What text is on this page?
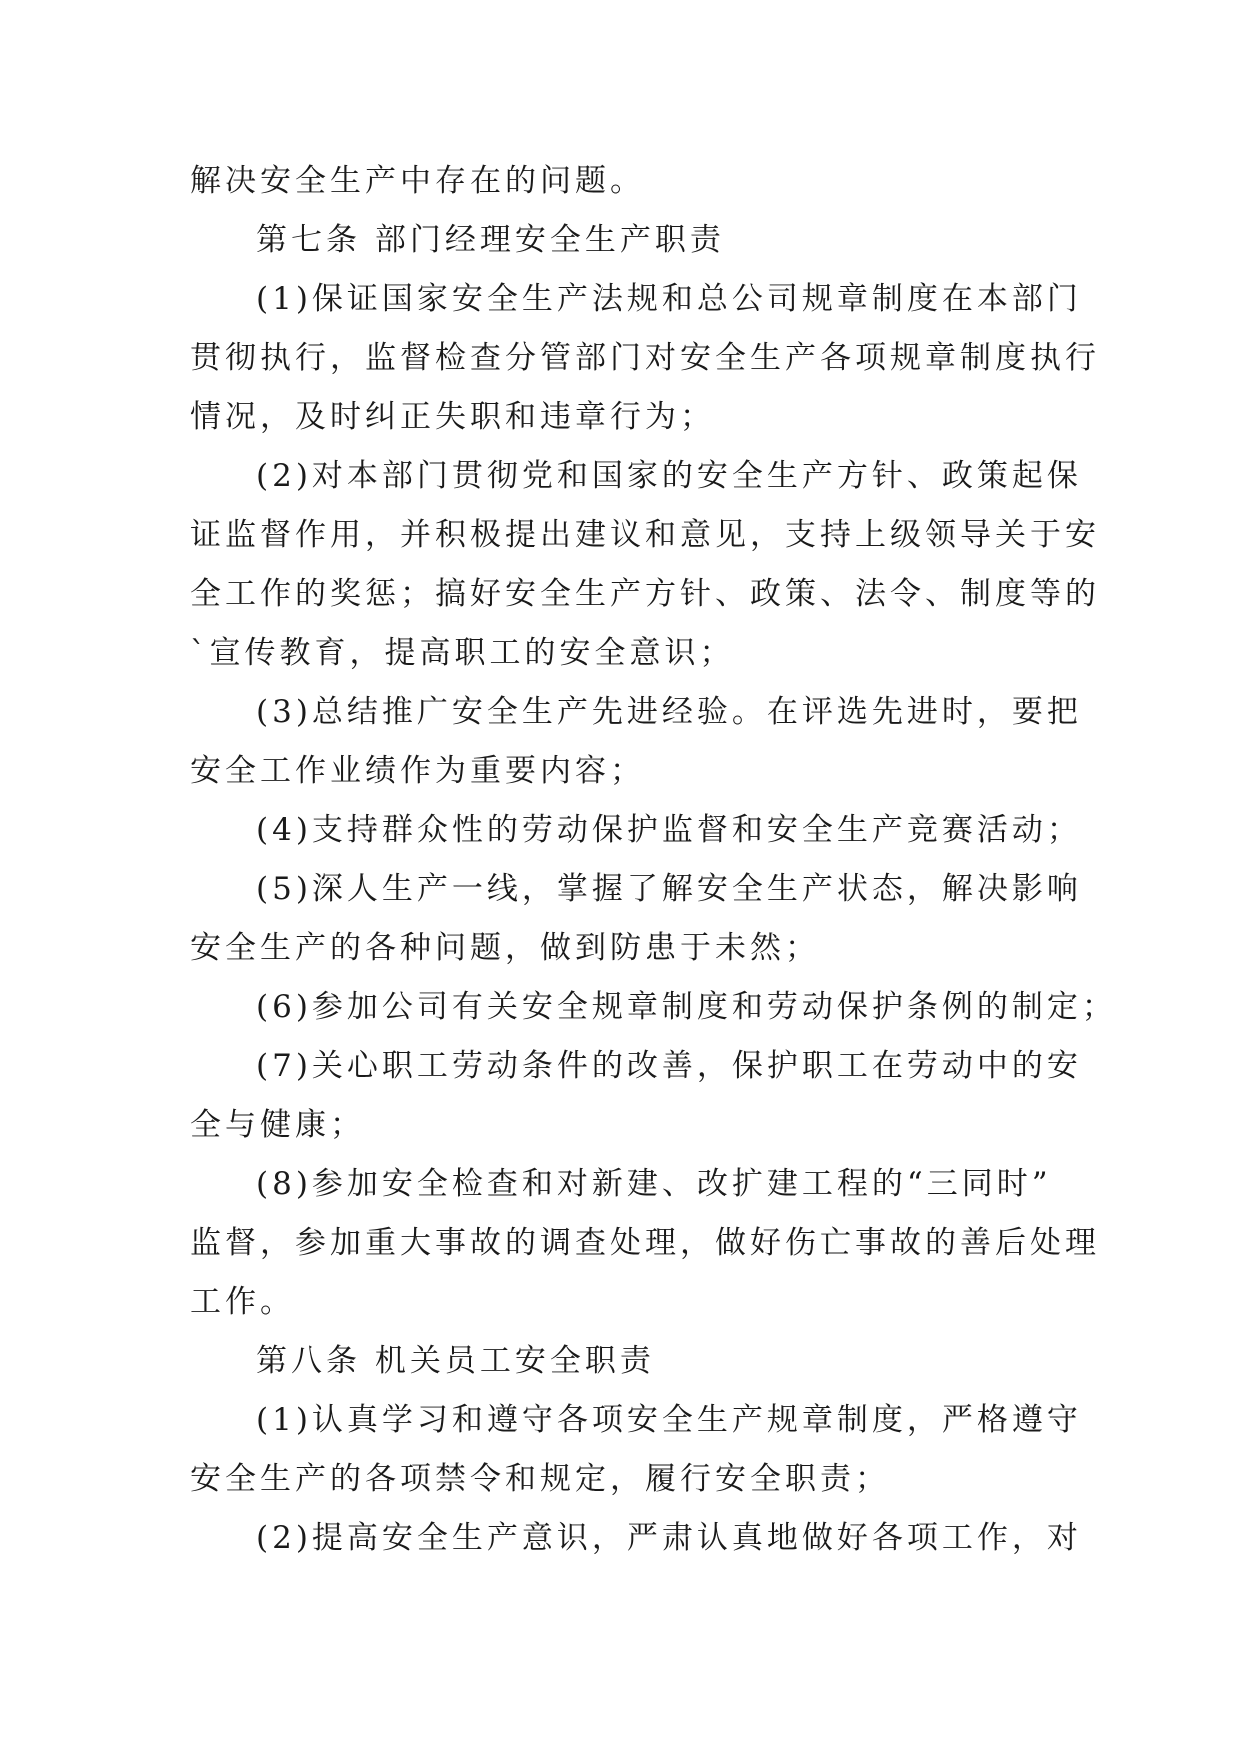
解决安全生产中存在的问题。
第七条 部门经理安全生产职责
(1)保证国家安全生产法规和总公司规章制度在本部门
贯彻执行，监督检查分管部门对安全生产各项规章制度执行
情况，及时纠正失职和违章行为；
(2)对本部门贯彻党和国家的安全生产方针、政策起保
证监督作用，并积极提出建议和意见，支持上级领导关于安
全工作的奖惩；搞好安全生产方针、政策、法令、制度等的
`宣传教育，提高职工的安全意识；
(3)总结推广安全生产先进经验。在评选先进时，要把
安全工作业绩作为重要内容；
(4)支持群众性的劳动保护监督和安全生产竞赛活动；
(5)深人生产一线，掌握了解安全生产状态，解决影响
安全生产的各种问题，做到防患于未然；
(6)参加公司有关安全规章制度和劳动保护条例的制定；
(7)关心职工劳动条件的改善，保护职工在劳动中的安
全与健康；
(8)参加安全检查和对新建、改扩建工程的“三同时”
监督，参加重大事故的调查处理，做好伤亡事故的善后处理
工作。
第八条 机关员工安全职责
(1)认真学习和遵守各项安全生产规章制度，严格遵守
安全生产的各项禁令和规定，履行安全职责；
(2)提高安全生产意识，严肃认真地做好各项工作，对
